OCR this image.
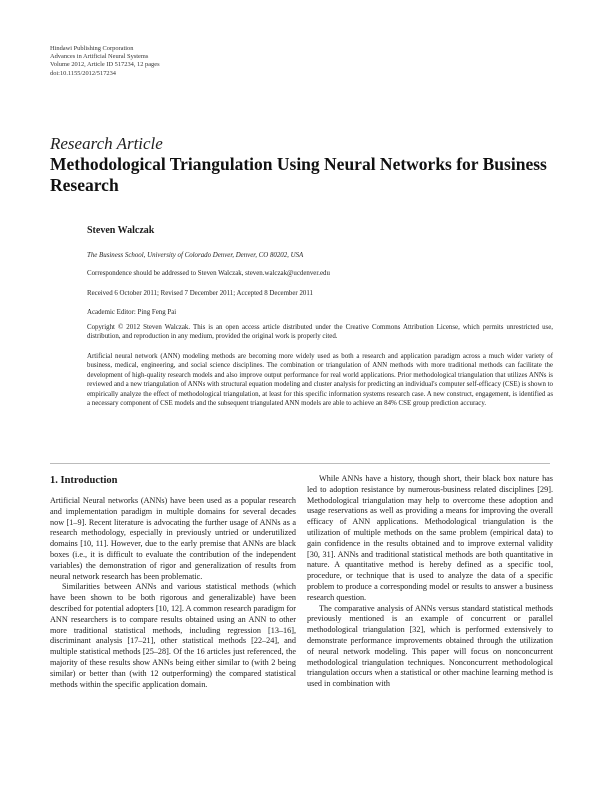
Hindawi Publishing Corporation
Advances in Artificial Neural Systems
Volume 2012, Article ID 517234, 12 pages
doi:10.1155/2012/517234
Research Article
Methodological Triangulation Using Neural Networks for Business Research
Steven Walczak
The Business School, University of Colorado Denver, Denver, CO 80202, USA
Correspondence should be addressed to Steven Walczak, steven.walczak@ucdenver.edu
Received 6 October 2011; Revised 7 December 2011; Accepted 8 December 2011
Academic Editor: Ping Feng Pai
Copyright © 2012 Steven Walczak. This is an open access article distributed under the Creative Commons Attribution License, which permits unrestricted use, distribution, and reproduction in any medium, provided the original work is properly cited.
Artificial neural network (ANN) modeling methods are becoming more widely used as both a research and application paradigm across a much wider variety of business, medical, engineering, and social science disciplines. The combination or triangulation of ANN methods with more traditional methods can facilitate the development of high-quality research models and also improve output performance for real world applications. Prior methodological triangulation that utilizes ANNs is reviewed and a new triangulation of ANNs with structural equation modeling and cluster analysis for predicting an individual's computer self-efficacy (CSE) is shown to empirically analyze the effect of methodological triangulation, at least for this specific information systems research case. A new construct, engagement, is identified as a necessary component of CSE models and the subsequent triangulated ANN models are able to achieve an 84% CSE group prediction accuracy.
1. Introduction

Artificial Neural networks (ANNs) have been used as a popular research and implementation paradigm in multiple domains for several decades now [1–9]. Recent literature is advocating the further usage of ANNs as a research methodology, especially in previously untried or underutilized domains [10, 11]. However, due to the early premise that ANNs are black boxes (i.e., it is difficult to evaluate the contribution of the independent variables) the demonstration of rigor and generalization of results from neural network research has been problematic.

Similarities between ANNs and various statistical methods (which have been shown to be both rigorous and generalizable) have been described for potential adopters [10, 12]. A common research paradigm for ANN researchers is to compare results obtained using an ANN to other more traditional statistical methods, including regression [13–16], discriminant analysis [17–21], other statistical methods [22–24], and multiple statistical methods [25–28]. Of the 16 articles just referenced, the majority of these results show ANNs being either similar to (with 2 being similar) or better than (with 12 outperforming) the compared statistical methods within the specific application domain.

While ANNs have a history, though short, their black box nature has led to adoption resistance by numerous-business related disciplines [29]. Methodological triangulation may help to overcome these adoption and usage reservations as well as providing a means for improving the overall efficacy of ANN applications. Methodological triangulation is the utilization of multiple methods on the same problem (empirical data) to gain confidence in the results obtained and to improve external validity [30, 31]. ANNs and traditional statistical methods are both quantitative in nature. A quantitative method is hereby defined as a specific tool, procedure, or technique that is used to analyze the data of a specific problem to produce a corresponding model or results to answer a business research question.

The comparative analysis of ANNs versus standard statistical methods previously mentioned is an example of concurrent or parallel methodological triangulation [32], which is performed extensively to demonstrate performance improvements obtained through the utilization of neural network modeling. This paper will focus on nonconcurrent methodological triangulation techniques. Nonconcurrent methodological triangulation occurs when a statistical or other machine learning method is used in combination with
